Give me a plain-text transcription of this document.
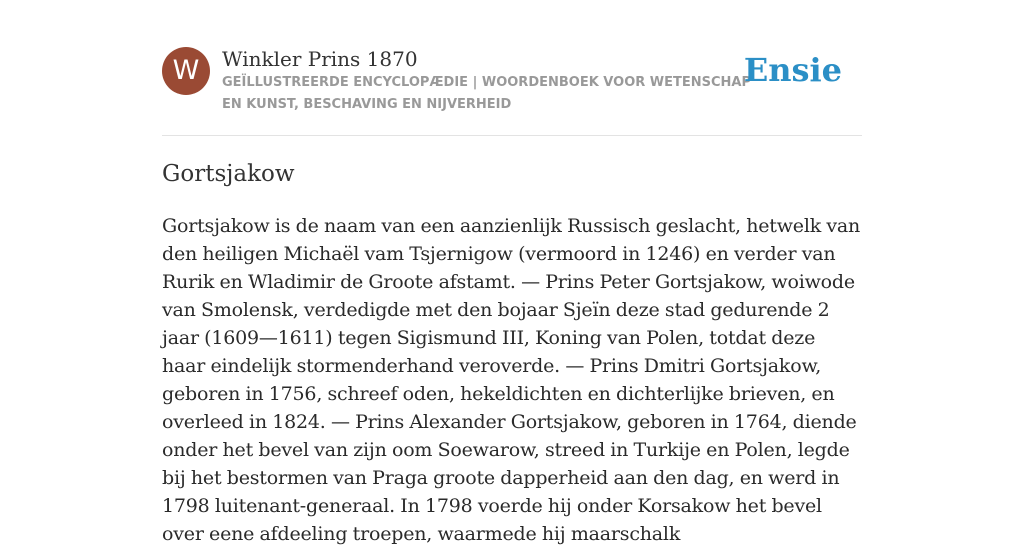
W	Winkler Prins 1870
GEÏLLUSTREERDE ENCYCLOPÆDIE | WOORDENBOEK VOOR WETENSCHAP EN KUNST, BESCHAVING EN NIJVERHEID
Ensie
Gortsjakow

Gortsjakow is de naam van een aanzienlijk Russisch geslacht, hetwelk van den heiligen Michaël vam Tsjernigow (vermoord in 1246) en verder van Rurik en Wladimir de Groote afstamt. — Prins Peter Gortsjakow, woiwode van Smolensk, verdedigde met den bojaar Sjeïn deze stad gedurende 2 jaar (1609—1611) tegen Sigismund III, Koning van Polen, totdat deze haar eindelijk stormenderhand veroverde. — Prins Dmitri Gortsjakow, geboren in 1756, schreef oden, hekeldichten en dichterlijke brieven, en overleed in 1824. — Prins Alexander Gortsjakow, geboren in 1764, diende onder het bevel van zijn oom Soewarow, streed in Turkije en Polen, legde bij het bestormen van Praga groote dapperheid aan den dag, en werd in 1798 luitenant-generaal. In 1798 voerde hij onder Korsakow het bevel over eene afdeeling troepen, waarmede hij maarschalk
